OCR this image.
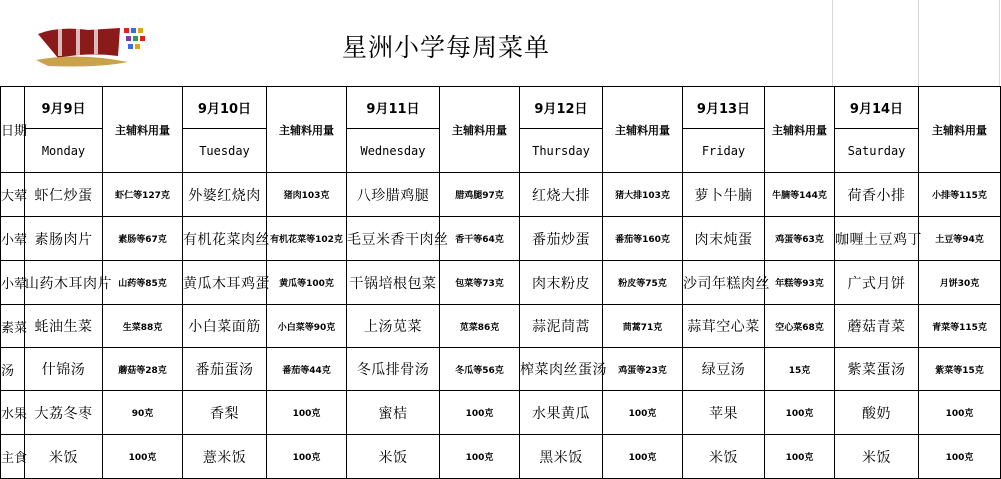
星洲小学每周菜单
日期	9月9日	主辅料用量	9月10日	主辅料用量	9月11日	主辅料用量	9月12日	主辅料用量	9月13日	主辅料用量	9月14日	主辅料用量
	Monday		Tuesday		Wednesday		Thursday		Friday		Saturday	
大荤	虾仁炒蛋	虾仁等127克	外婆红烧肉	猪肉103克	八珍腊鸡腿	腊鸡腿97克	红烧大排	猪大排103克	萝卜牛腩	牛腩等144克	荷香小排	小排等115克
小荤	素肠肉片	素肠等67克	有机花菜肉丝	有机花菜等102克	毛豆米香干肉丝	香干等64克	番茄炒蛋	番茄等160克	肉末炖蛋	鸡蛋等63克	咖喱土豆鸡丁	土豆等94克
小荤	山药木耳肉片	山药等85克	黄瓜木耳鸡蛋	黄瓜等100克	干锅培根包菜	包菜等73克	肉末粉皮	粉皮等75克	沙司年糕肉丝	年糕等93克	广式月饼	月饼30克
素菜	蚝油生菜	生菜88克	小白菜面筋	小白菜等90克	上汤苋菜	苋菜86克	蒜泥茼蒿	茼蒿71克	蒜茸空心菜	空心菜68克	蘑菇青菜	青菜等115克
汤	什锦汤	蘑菇等28克	番茄蛋汤	番茄等44克	冬瓜排骨汤	冬瓜等56克	榨菜肉丝蛋汤	鸡蛋等23克	绿豆汤	15克	紫菜蛋汤	紫菜等15克
水果	大荔冬枣	90克	香梨	100克	蜜桔	100克	水果黄瓜	100克	苹果	100克	酸奶	100克
主食	米饭	100克	薏米饭	100克	米饭	100克	黑米饭	100克	米饭	100克	米饭	100克
